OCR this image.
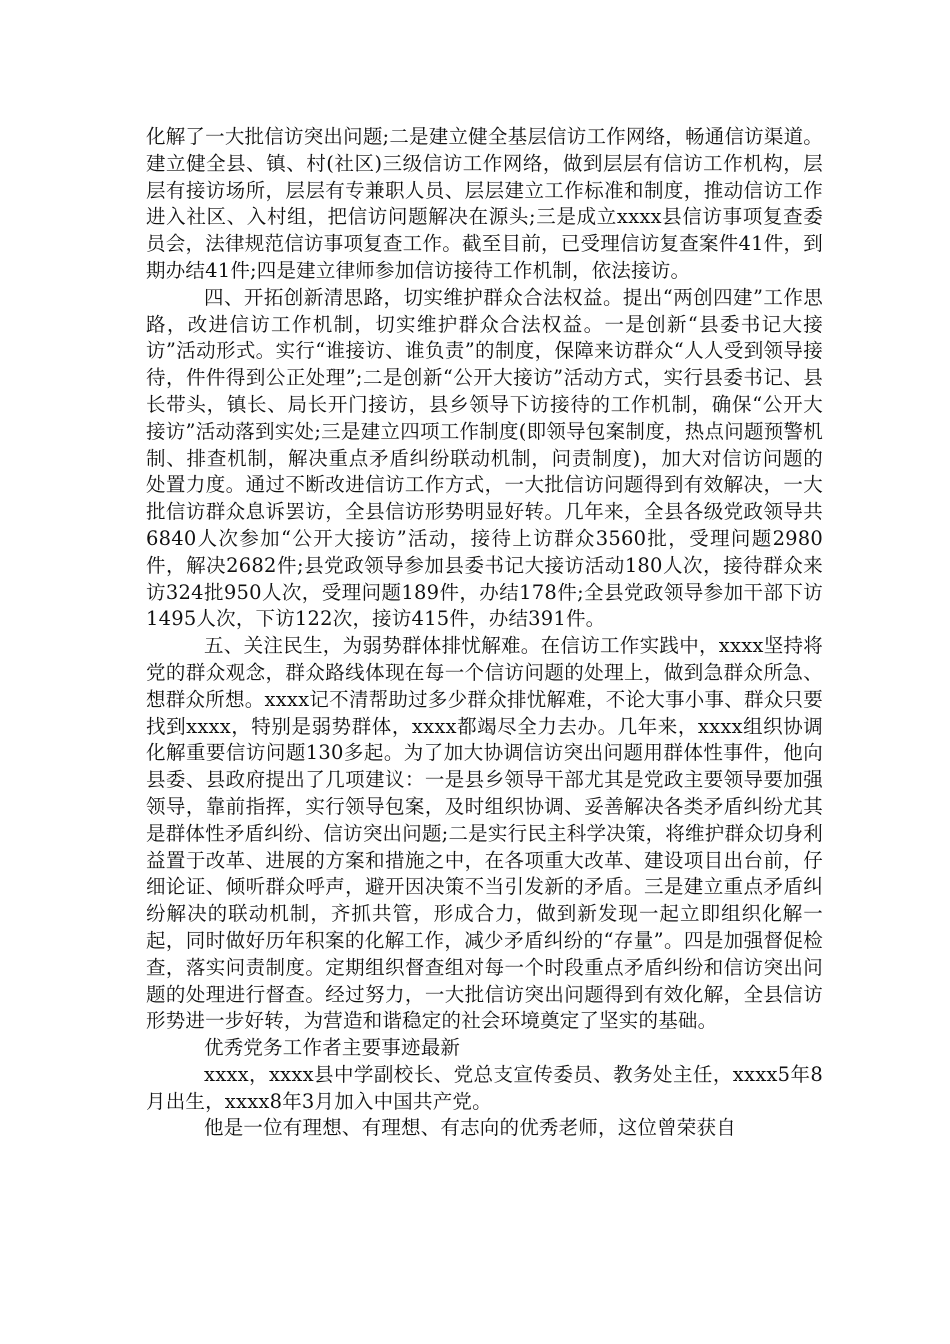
化解了一大批信访突出问题;二是建立健全基层信访工作网络，畅通信访渠道。建立健全县、镇、村(社区)三级信访工作网络，做到层层有信访工作机构，层层有接访场所，层层有专兼职人员、层层建立工作标准和制度，推动信访工作进入社区、入村组，把信访问题解决在源头;三是成立xxxx县信访事项复查委员会，法律规范信访事项复查工作。截至目前，已受理信访复查案件41件，到期办结41件;四是建立律师参加信访接待工作机制，依法接访。

四、开拓创新清思路，切实维护群众合法权益。提出“两创四建”工作思路，改进信访工作机制，切实维护群众合法权益。一是创新“县委书记大接访”活动形式。实行“谁接访、谁负责”的制度，保障来访群众“人人受到领导接待，件件得到公正处理”;二是创新“公开大接访”活动方式，实行县委书记、县长带头，镇长、局长开门接访，县乡领导下访接待的工作机制，确保“公开大接访”活动落到实处;三是建立四项工作制度(即领导包案制度，热点问题预警机制、排查机制，解决重点矛盾纠纷联动机制，问责制度)，加大对信访问题的处置力度。通过不断改进信访工作方式，一大批信访问题得到有效解决，一大批信访群众息诉罢访，全县信访形势明显好转。几年来，全县各级党政领导共6840人次参加“公开大接访”活动，接待上访群众3560批，受理问题2980件，解决2682件;县党政领导参加县委书记大接访活动180人次，接待群众来访324批950人次，受理问题189件，办结178件;全县党政领导参加干部下访1495人次，下访122次，接访415件，办结391件。

五、关注民生，为弱势群体排忧解难。在信访工作实践中，xxxx坚持将党的群众观念，群众路线体现在每一个信访问题的处理上，做到急群众所急、想群众所想。xxxx记不清帮助过多少群众排忧解难，不论大事小事、群众只要找到xxxx，特别是弱势群体，xxxx都竭尽全力去办。几年来，xxxx组织协调化解重要信访问题130多起。为了加大协调信访突出问题用群体性事件，他向县委、县政府提出了几项建议：一是县乡领导干部尤其是党政主要领导要加强领导，靠前指挥，实行领导包案，及时组织协调、妥善解决各类矛盾纠纷尤其是群体性矛盾纠纷、信访突出问题;二是实行民主科学决策，将维护群众切身利益置于改革、进展的方案和措施之中，在各项重大改革、建设项目出台前，仔细论证、倾听群众呼声，避开因决策不当引发新的矛盾。三是建立重点矛盾纠纷解决的联动机制，齐抓共管，形成合力，做到新发现一起立即组织化解一起，同时做好历年积案的化解工作，减少矛盾纠纷的“存量”。四是加强督促检查，落实问责制度。定期组织督查组对每一个时段重点矛盾纠纷和信访突出问题的处理进行督查。经过努力，一大批信访突出问题得到有效化解，全县信访形势进一步好转，为营造和谐稳定的社会环境奠定了坚实的基础。

优秀党务工作者主要事迹最新

xxxx，xxxx县中学副校长、党总支宣传委员、教务处主任，xxxx5年8月出生，xxxx8年3月加入中国共产党。

他是一位有理想、有理想、有志向的优秀老师，这位曾荣获自
